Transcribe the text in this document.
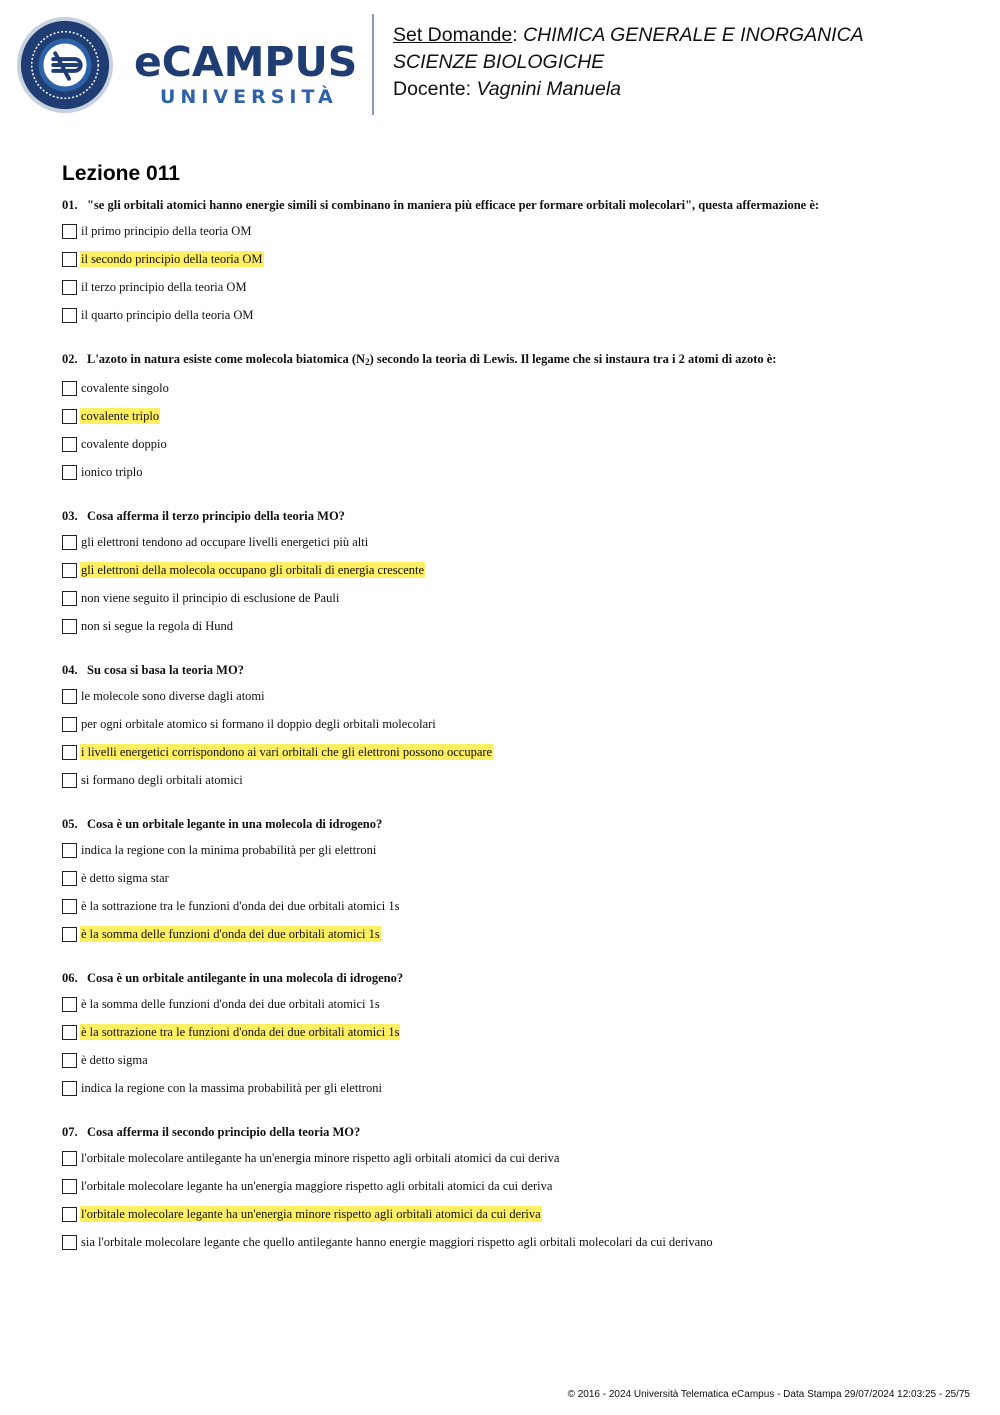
eCAMPUS
UNIVERSITÀ
Set Domande: CHIMICA GENERALE E INORGANICA
SCIENZE BIOLOGICHE
Docente: Vagnini Manuela
Lezione 011
01. "se gli orbitali atomici hanno energie simili si combinano in maniera più efficace per formare orbitali molecolari", questa affermazione è:
il primo principio della teoria OM
il secondo principio della teoria OM
il terzo principio della teoria OM
il quarto principio della teoria OM
02. L'azoto in natura esiste come molecola biatomica $(N_2)$ secondo la teoria di Lewis. Il legame che si instaura tra i 2 atomi di azoto è:
covalente singolo
covalente triplo
covalente doppio
ionico triplo
03. Cosa afferma il terzo principio della teoria MO?
gli elettroni tendono ad occupare livelli energetici più alti
gli elettroni della molecola occupano gli orbitali di energia crescente
non viene seguito il principio di esclusione de Pauli
non si segue la regola di Hund
04. Su cosa si basa la teoria MO?
le molecole sono diverse dagli atomi
per ogni orbitale atomico si formano il doppio degli orbitali molecolari
i livelli energetici corrispondono ai vari orbitali che gli elettroni possono occupare
si formano degli orbitali atomici
05. Cosa è un orbitale legante in una molecola di idrogeno?
indica la regione con la minima probabilità per gli elettroni
è detto sigma star
è la sottrazione tra le funzioni d'onda dei due orbitali atomici 1s
è la somma delle funzioni d'onda dei due orbitali atomici 1s
06. Cosa è un orbitale antilegante in una molecola di idrogeno?
è la somma delle funzioni d'onda dei due orbitali atomici 1s
è la sottrazione tra le funzioni d'onda dei due orbitali atomici 1s
è detto sigma
indica la regione con la massima probabilità per gli elettroni
07. Cosa afferma il secondo principio della teoria MO?
l'orbitale molecolare antilegante ha un'energia minore rispetto agli orbitali atomici da cui deriva
l'orbitale molecolare legante ha un'energia maggiore rispetto agli orbitali atomici da cui deriva
l'orbitale molecolare legante ha un'energia minore rispetto agli orbitali atomici da cui deriva
sia l'orbitale molecolare legante che quello antilegante hanno energie maggiori rispetto agli orbitali molecolari da cui derivano
© 2016 - 2024 Università Telematica eCampus - Data Stampa 29/07/2024 12:03:25 - 25/75
